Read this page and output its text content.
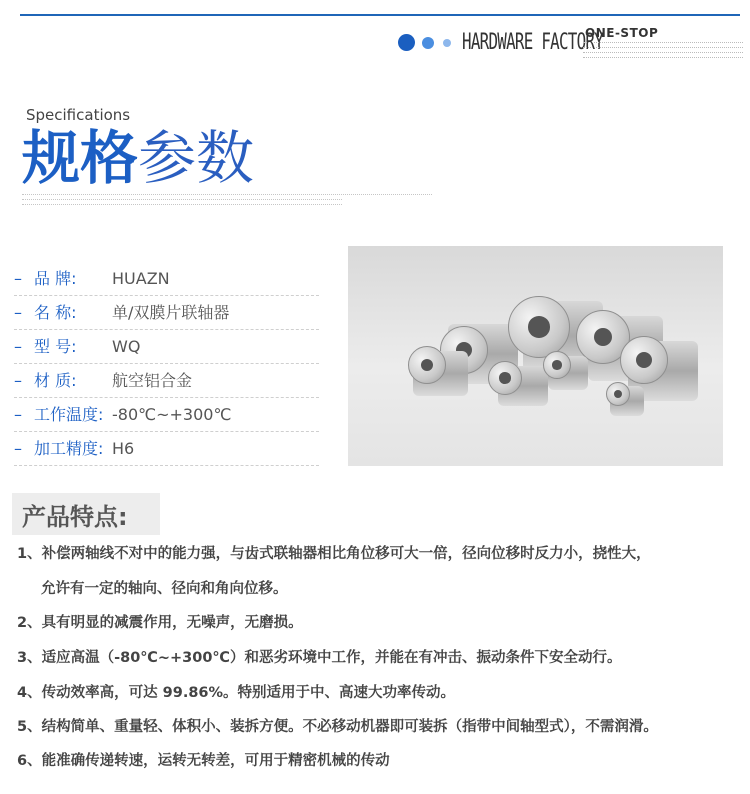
HARDWARE FACTORY
ONE-STOP
Specifications
规格参数
– 品 牌: HUAZN
– 名 称: 单/双膜片联轴器
– 型 号: WQ
– 材 质: 航空铝合金
– 工作温度: -80℃~+300℃
– 加工精度: H6
产品特点:
1、补偿两轴线不对中的能力强，与齿式联轴器相比角位移可大一倍，径向位移时反力小，挠性大，
允许有一定的轴向、径向和角向位移。
2、具有明显的减震作用，无噪声，无磨损。
3、适应高温（-80℃~+300℃）和恶劣环境中工作，并能在有冲击、振动条件下安全动行。
4、传动效率高，可达 99.86%。特别适用于中、高速大功率传动。
5、结构简单、重量轻、体积小、装拆方便。不必移动机器即可装拆（指带中间轴型式），不需润滑。
6、能准确传递转速，运转无转差，可用于精密机械的传动
